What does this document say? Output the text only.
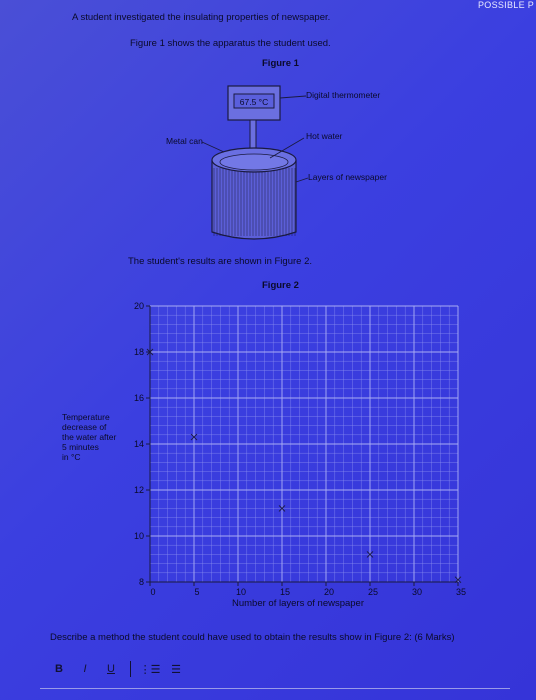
POSSIBLE P
A student investigated the insulating properties of newspaper.
Figure 1 shows the apparatus the student used.
Figure 1
67.5 °C
Digital thermometer
Metal can	Hot water
Layers of newspaper
The student's results are shown in Figure 2.
Figure 2
8
10
12
14
16
18
20
0	5	10	15	20	25	30	35
Temperature
decrease of
the water after
5 minutes
in °C
Number of layers of newspaper
Describe a method the student could have used to obtain the results show in Figure 2: (6 Marks)
B	I	U	⋮☰ ☰
